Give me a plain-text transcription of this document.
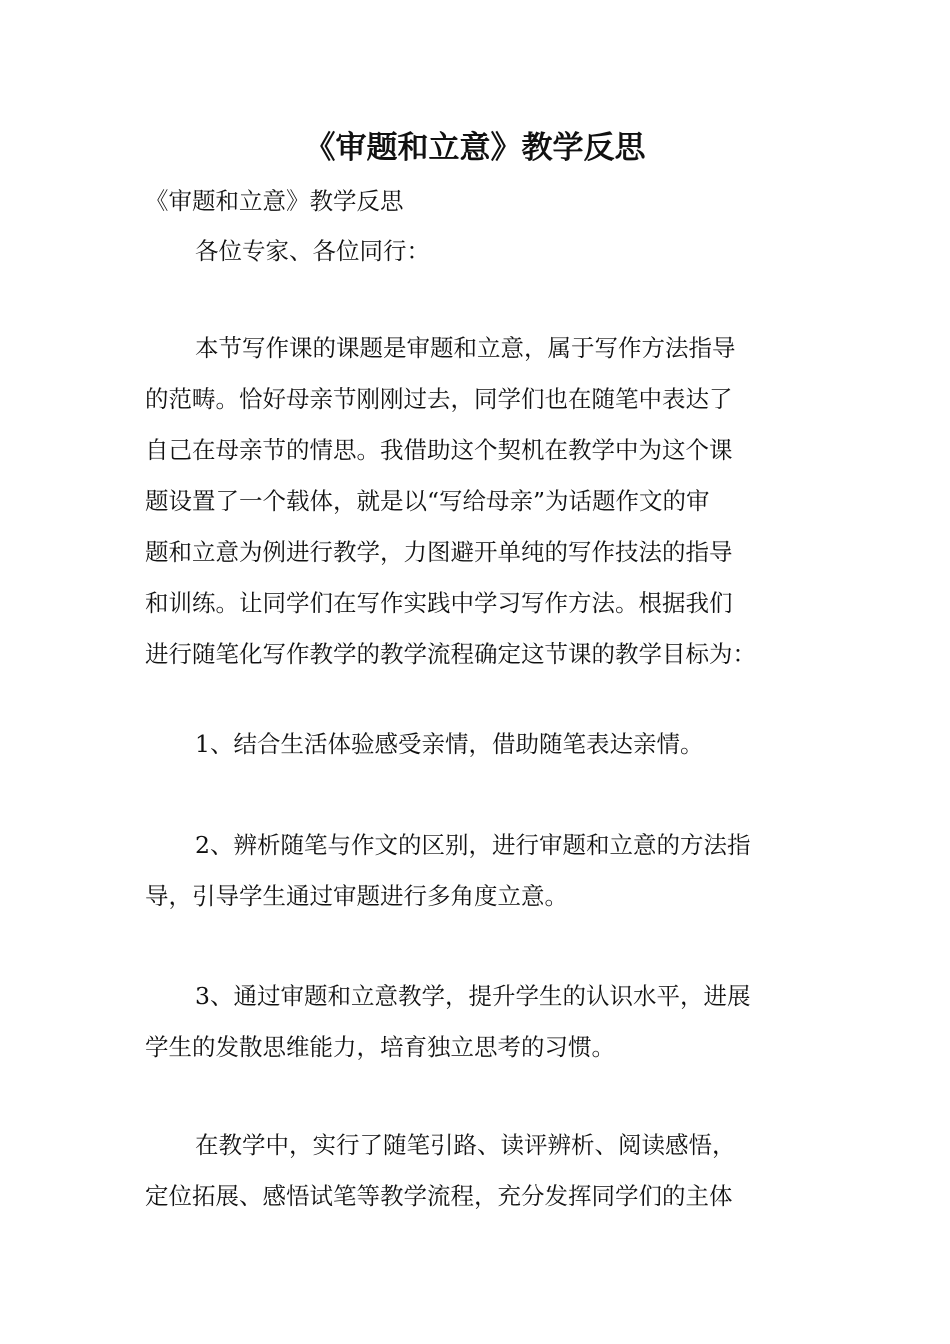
《审题和立意》教学反思

《审题和立意》教学反思

各位专家、各位同行：

本节写作课的课题是审题和立意，属于写作方法指导
的范畴。恰好母亲节刚刚过去，同学们也在随笔中表达了
自己在母亲节的情思。我借助这个契机在教学中为这个课
题设置了一个载体，就是以“写给母亲”为话题作文的审
题和立意为例进行教学，力图避开单纯的写作技法的指导
和训练。让同学们在写作实践中学习写作方法。根据我们
进行随笔化写作教学的教学流程确定这节课的教学目标为：
1、结合生活体验感受亲情，借助随笔表达亲情。
2、辨析随笔与作文的区别，进行审题和立意的方法指
导，引导学生通过审题进行多角度立意。
3、通过审题和立意教学，提升学生的认识水平，进展
学生的发散思维能力，培育独立思考的习惯。
在教学中，实行了随笔引路、读评辨析、阅读感悟，
定位拓展、感悟试笔等教学流程，充分发挥同学们的主体
